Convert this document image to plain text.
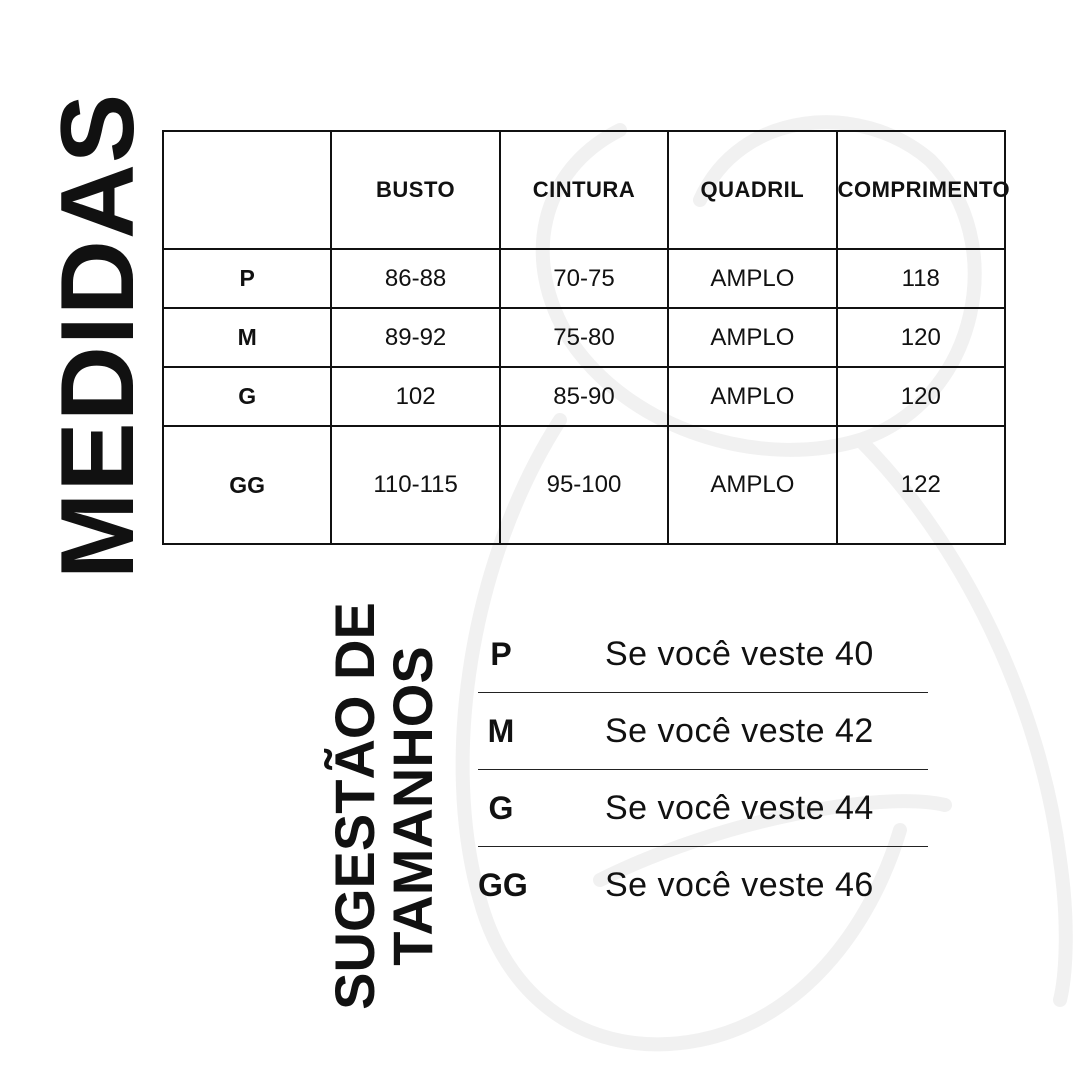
MEDIDAS
		BUSTO	CINTURA	QUADRIL	COMPRIMENTO
P	86-88	70-75	AMPLO	118
M	89-92	75-80	AMPLO	120
G	102	85-90	AMPLO	120
GG	110-115	95-100	AMPLO	122
SUGESTÃO DE
TAMANHOS	P	Se você veste 40
M	Se você veste 42
G	Se você veste 44
GG Se você veste 46
